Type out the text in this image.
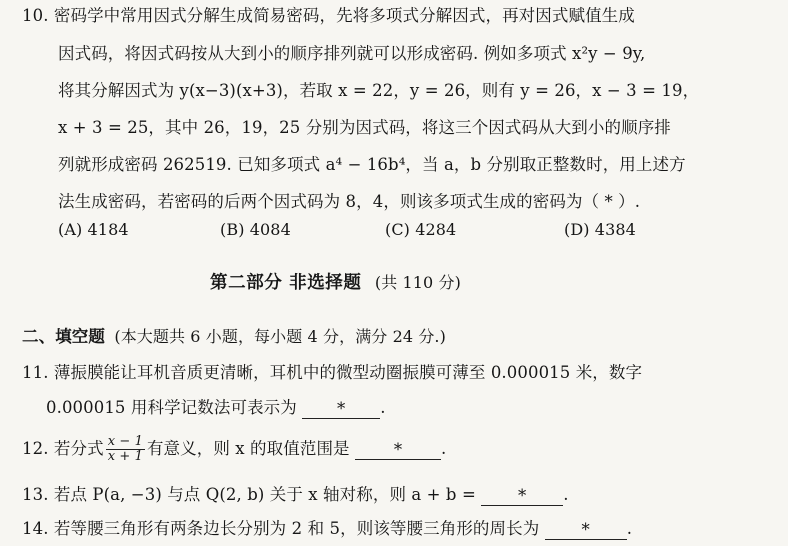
10. 密码学中常用因式分解生成简易密码，先将多项式分解因式，再对因式赋值生成
因式码，将因式码按从大到小的顺序排列就可以形成密码. 例如多项式 x²y − 9y,
将其分解因式为 y(x−3)(x+3)，若取 x = 22，y = 26，则有 y = 26，x − 3 = 19，
x + 3 = 25，其中 26，19，25 分别为因式码，将这三个因式码从大到小的顺序排
列就形成密码 262519. 已知多项式 a⁴ − 16b⁴，当 a，b 分别取正整数时，用上述方
法生成密码，若密码的后两个因式码为 8，4，则该多项式生成的密码为（ * ）.
(A) 4184	(B) 4084	(C) 4284	(D) 4384
第二部分 非选择题 (共 110 分)
二、填空题 (本大题共 6 小题，每小题 4 分，满分 24 分.)
11. 薄振膜能让耳机音质更清晰，耳机中的微型动圈振膜可薄至 0.000015 米，数字
0.000015 用科学记数法可表示为 * .
12. 若分式 $\frac{x - 1}{x + 1}$ 有意义，则 x 的取值范围是	* .
13. 若点 P(a, −3) 与点 Q(2, b) 关于 x 轴对称，则 a + b =	* .
14. 若等腰三角形有两条边长分别为 2 和 5，则该等腰三角形的周长为	* .
